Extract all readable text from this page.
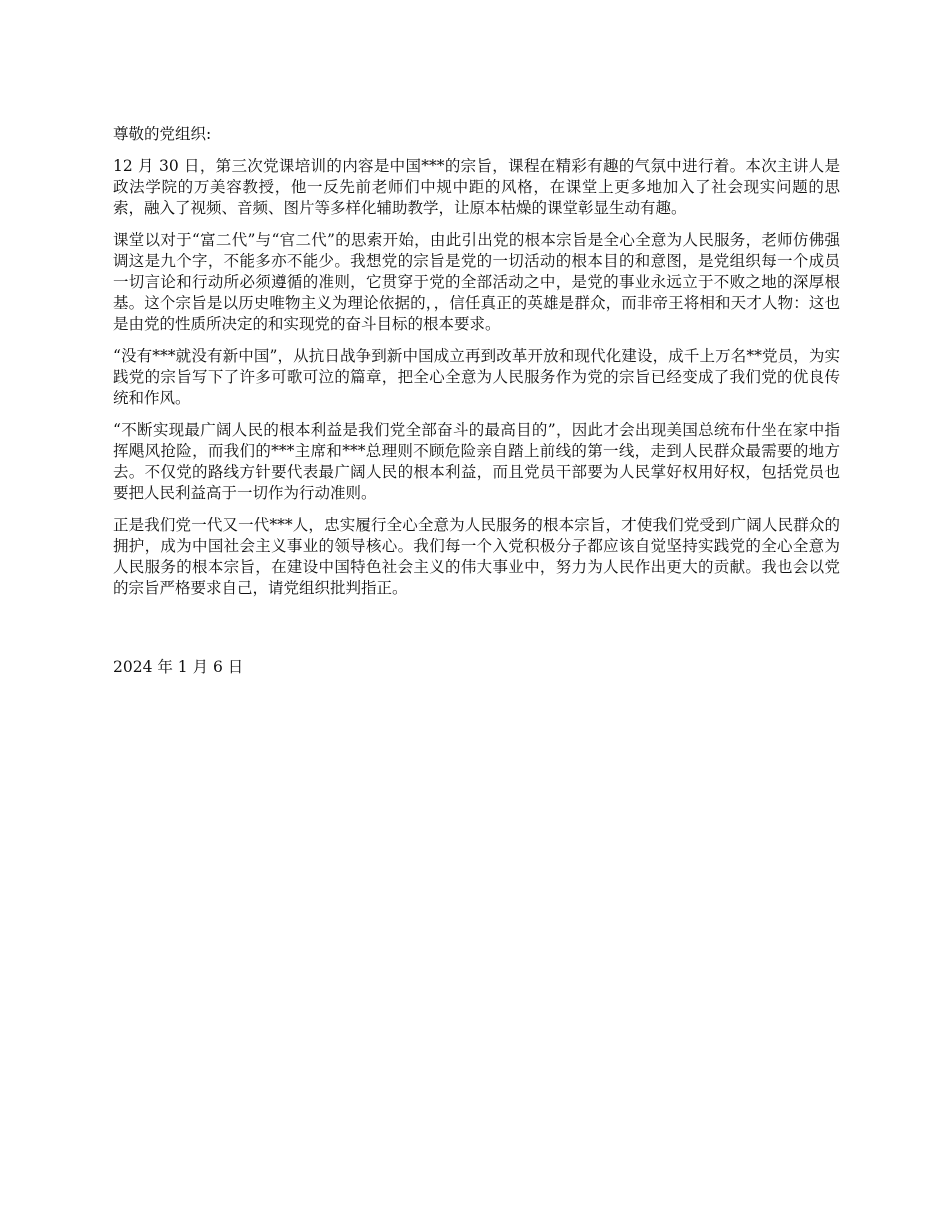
尊敬的党组织:

12 月 30 日，第三次党课培训的内容是中国***的宗旨，课程在精彩有趣的气氛中进行着。本次主讲人是政法学院的万美容教授，他一反先前老师们中规中距的风格，在课堂上更多地加入了社会现实问题的思索，融入了视频、音频、图片等多样化辅助教学，让原本枯燥的课堂彰显生动有趣。

课堂以对于“富二代”与“官二代”的思索开始，由此引出党的根本宗旨是全心全意为人民服务，老师仿佛强调这是九个字，不能多亦不能少。我想党的宗旨是党的一切活动的根本目的和意图，是党组织每一个成员一切言论和行动所必须遵循的准则，它贯穿于党的全部活动之中，是党的事业永远立于不败之地的深厚根基。这个宗旨是以历史唯物主义为理论依据的，，信任真正的英雄是群众，而非帝王将相和天才人物：这也是由党的性质所决定的和实现党的奋斗目标的根本要求。

“没有***就没有新中国”，从抗日战争到新中国成立再到改革开放和现代化建设，成千上万名**党员，为实践党的宗旨写下了许多可歌可泣的篇章，把全心全意为人民服务作为党的宗旨已经变成了我们党的优良传统和作风。

“不断实现最广阔人民的根本利益是我们党全部奋斗的最高目的”，因此才会出现美国总统布什坐在家中指挥飓风抢险，而我们的***主席和***总理则不顾危险亲自踏上前线的第一线，走到人民群众最需要的地方去。不仅党的路线方针要代表最广阔人民的根本利益，而且党员干部要为人民掌好权用好权，包括党员也要把人民利益高于一切作为行动准则。

正是我们党一代又一代***人，忠实履行全心全意为人民服务的根本宗旨，才使我们党受到广阔人民群众的拥护，成为中国社会主义事业的领导核心。我们每一个入党积极分子都应该自觉坚持实践党的全心全意为人民服务的根本宗旨，在建设中国特色社会主义的伟大事业中，努力为人民作出更大的贡献。我也会以党的宗旨严格要求自己，请党组织批判指正。

2024 年 1 月 6 日
